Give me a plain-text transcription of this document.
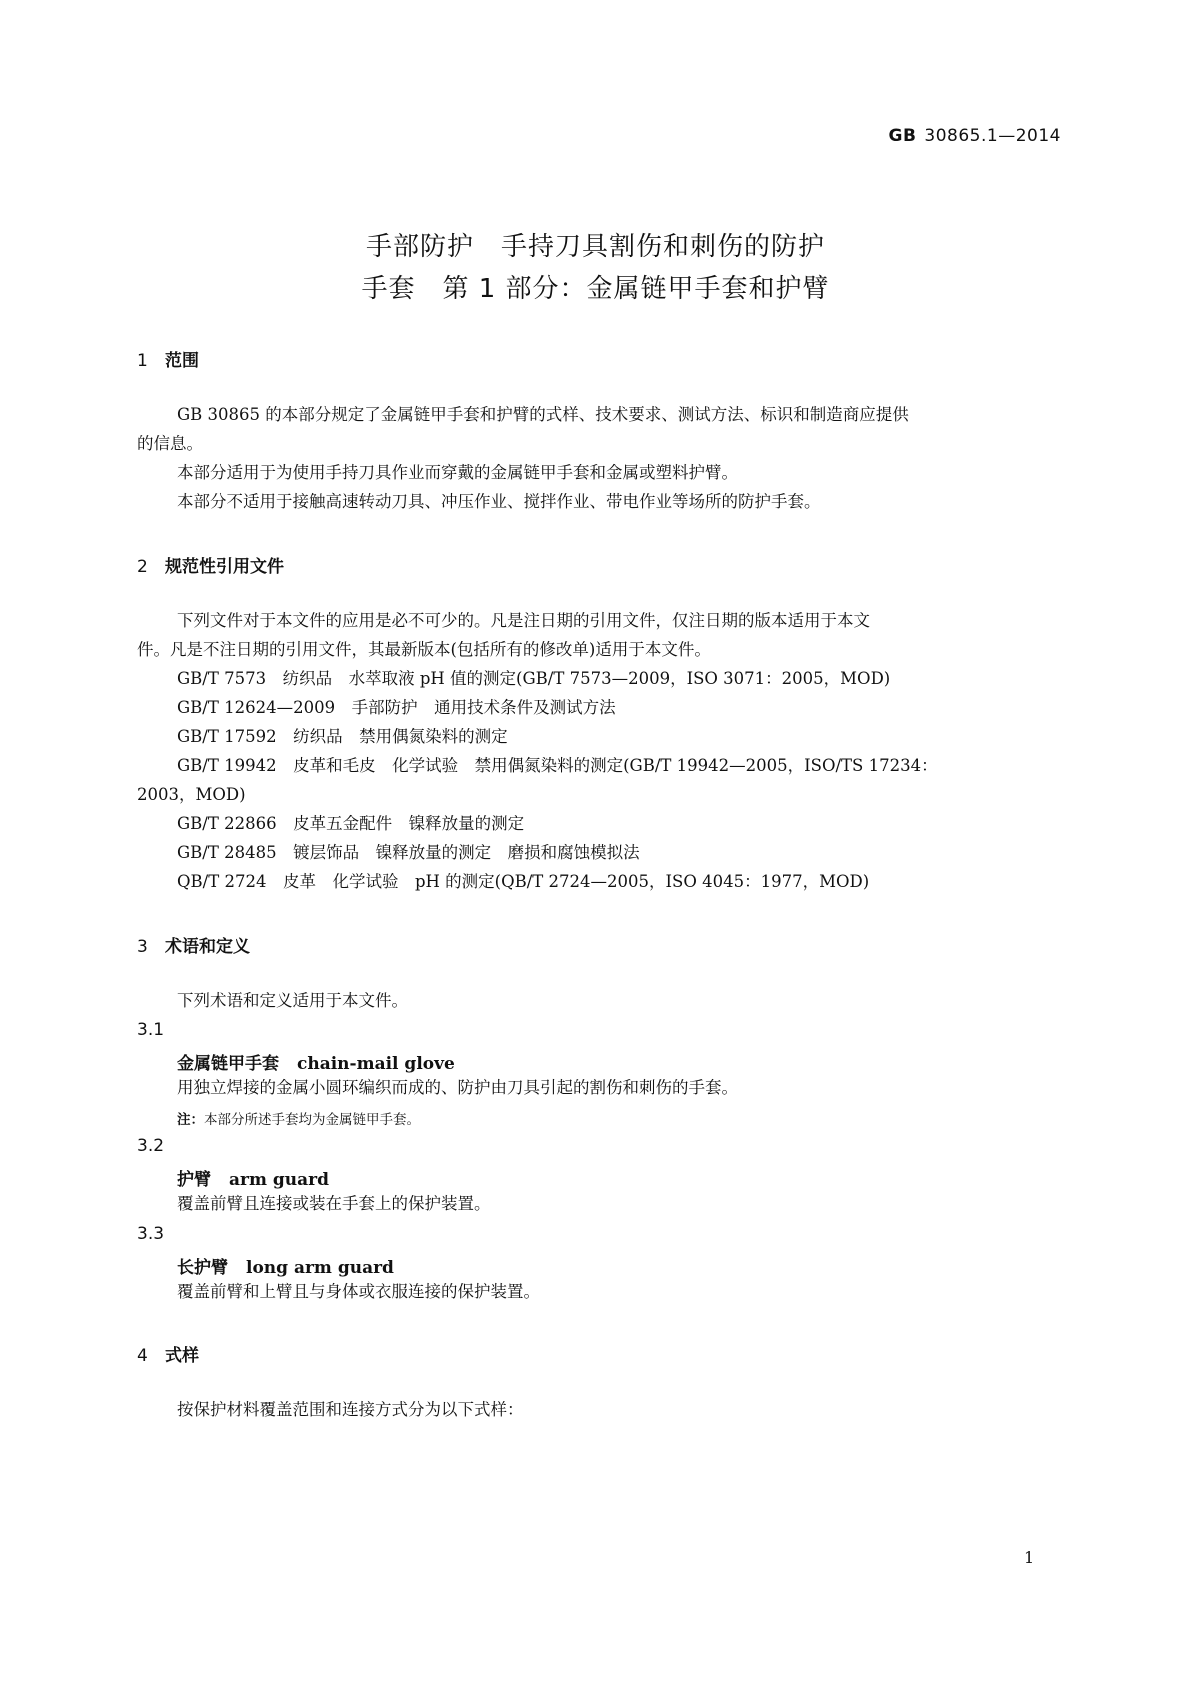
GB 30865.1—2014
手部防护　手持刀具割伤和刺伤的防护
手套　第 1 部分：金属链甲手套和护臂
1 范围
GB 30865 的本部分规定了金属链甲手套和护臂的式样、技术要求、测试方法、标识和制造商应提供
的信息。
本部分适用于为使用手持刀具作业而穿戴的金属链甲手套和金属或塑料护臂。
本部分不适用于接触高速转动刀具、冲压作业、搅拌作业、带电作业等场所的防护手套。
2 规范性引用文件
下列文件对于本文件的应用是必不可少的。凡是注日期的引用文件，仅注日期的版本适用于本文
件。凡是不注日期的引用文件，其最新版本(包括所有的修改单)适用于本文件。
GB/T 7573　纺织品　水萃取液 pH 值的测定(GB/T 7573—2009，ISO 3071：2005，MOD)
GB/T 12624—2009　手部防护　通用技术条件及测试方法
GB/T 17592　纺织品　禁用偶氮染料的测定
GB/T 19942　皮革和毛皮　化学试验　禁用偶氮染料的测定(GB/T 19942—2005，ISO/TS 17234：
2003，MOD)
GB/T 22866　皮革五金配件　镍释放量的测定
GB/T 28485　镀层饰品　镍释放量的测定　磨损和腐蚀模拟法
QB/T 2724　皮革　化学试验　pH 的测定(QB/T 2724—2005，ISO 4045：1977，MOD)
3 术语和定义
下列术语和定义适用于本文件。
3.1
金属链甲手套 chain-mail glove
用独立焊接的金属小圆环编织而成的、防护由刀具引起的割伤和刺伤的手套。
注：本部分所述手套均为金属链甲手套。
3.2
护臂 arm guard
覆盖前臂且连接或装在手套上的保护装置。
3.3
长护臂 long arm guard
覆盖前臂和上臂且与身体或衣服连接的保护装置。
4 式样
按保护材料覆盖范围和连接方式分为以下式样：
1
